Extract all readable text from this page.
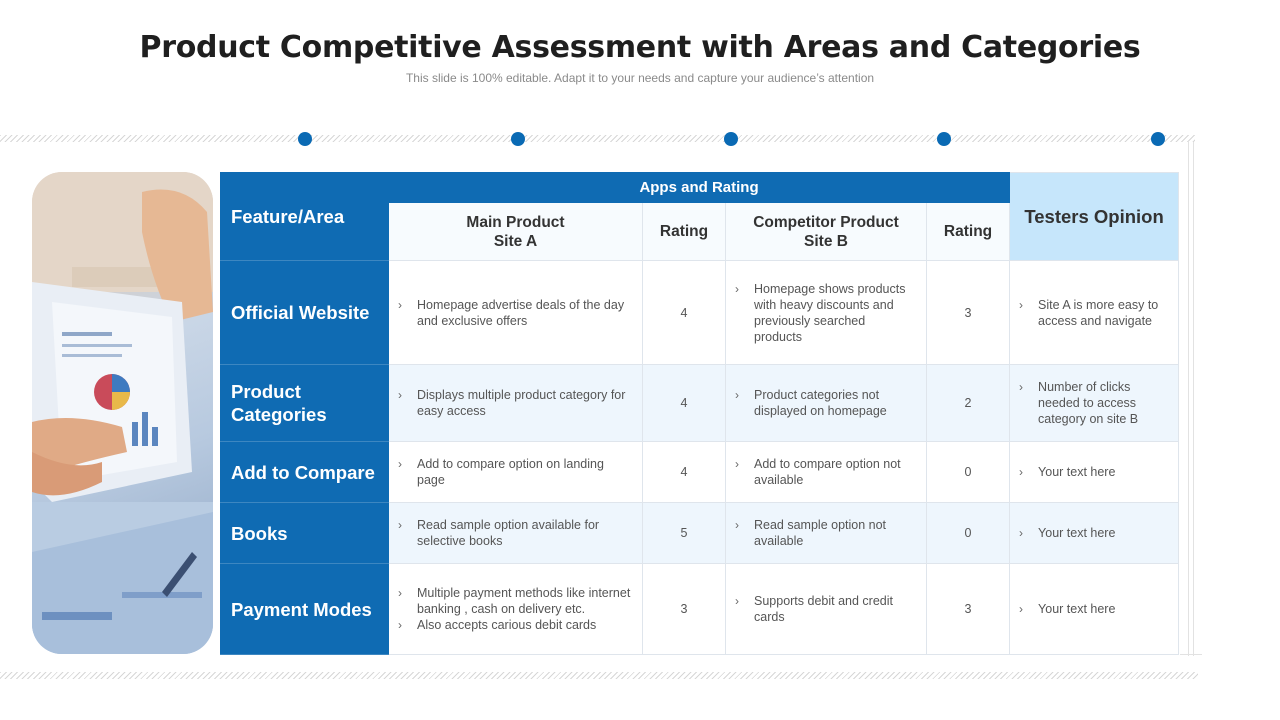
Product Competitive Assessment with Areas and Categories
This slide is 100% editable. Adapt it to your needs and capture your audience’s attention
Feature/Area	Apps and Rating				Testers Opinion
	Main Product Site A	Rating	Competitor Product Site B	Rating	
Official Website	› Homepage advertise deals of the day and exclusive offers	4	› Homepage shows products with heavy discounts and previously searched products	3	› Site A is more easy to access and navigate
Product Categories	› Displays multiple product category for easy access	4	› Product categories not displayed on homepage	2	› Number of clicks needed to access category on site B
Add to Compare	› Add to compare option on landing page	4	› Add to compare option not available	0	› Your text here
Books	› Read sample option available for selective books	5	› Read sample option not available	0	› Your text here
Payment Modes	› Multiple payment methods like internet banking , cash on delivery etc.
› Also accepts carious debit cards	3	› Supports debit and credit cards	3	› Your text here
